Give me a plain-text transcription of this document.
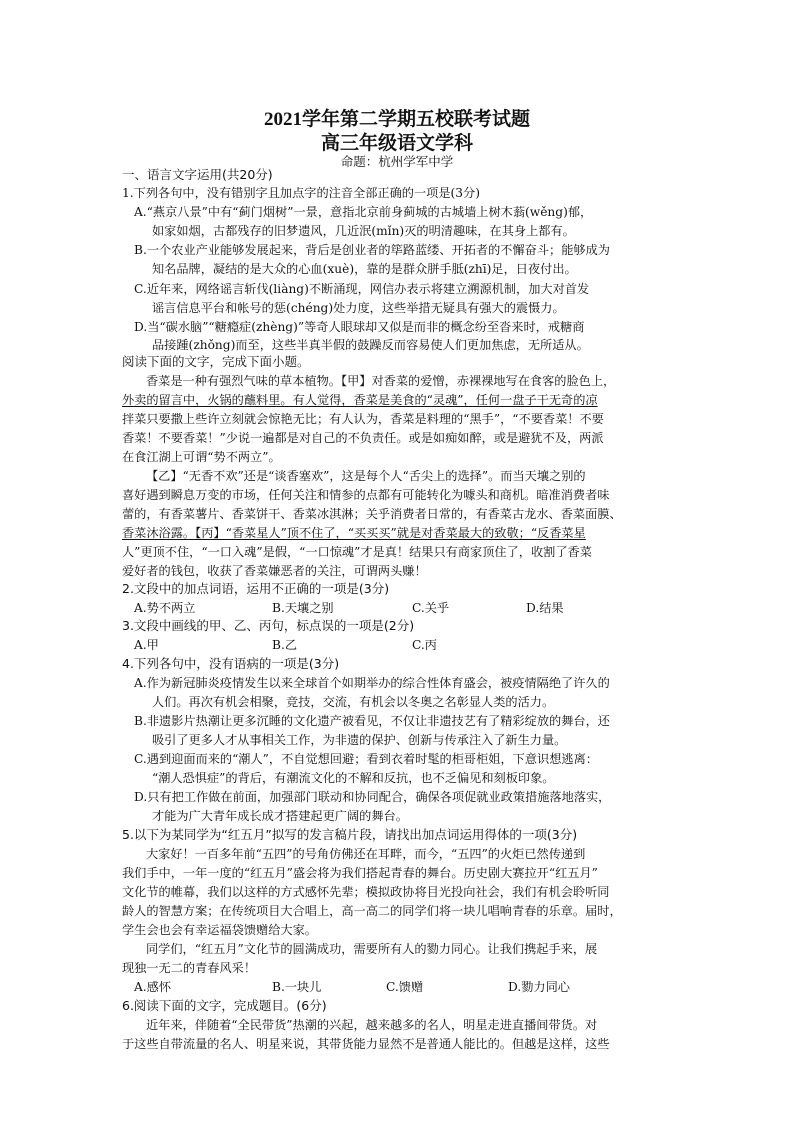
2021学年第二学期五校联考试题
高三年级语文学科
命题：杭州学军中学
一、语言文字运用(共20分)
1.下列各句中，没有错别字且加点字的注音全部正确的一项是(3分)
A.“燕京八景”中有“蓟门烟树”一景，意指北京前身蓟城的古城墙上树木蓊(wěng)郁，
如家如烟，古都残存的旧梦遗风，几近泯(mǐn)灭的明清趣味，在其身上都有。
B.一个农业产业能够发展起来，背后是创业者的筚路蓝缕、开拓者的不懈奋斗；能够成为
知名品牌，凝结的是大众的心血(xuè)，靠的是群众胼手胝(zhī)足，日夜付出。
C.近年来，网络谣言斩伐(liàng)不断涌现，网信办表示将建立溯源机制，加大对首发
谣言信息平台和帐号的惩(chéng)处力度，这些举措无疑具有强大的震慑力。
D.当“碳水脑”“糖瘾症(zhèng)”等奇人眼球却又似是而非的概念纷至沓来时，戒糖商
品接踵(zhǒng)而至，这些半真半假的鼓躁反而容易使人们更加焦虑，无所适从。
阅读下面的文字，完成下面小题。
香菜是一种有强烈气味的草本植物。【甲】对香菜的爱憎，赤裸裸地写在食客的脸色上，
外卖的留言中，火锅的蘸料里。有人觉得，香菜是美食的“灵魂”，任何一盘子干无奇的凉
拌菜只要撒上些许立刻就会惊艳无比；有人认为，香菜是料理的“黑手”，“不要香菜！不要
香菜！不要香菜！”少说一遍都是对自己的不负责任。或是如痴如醉，或是避犹不及，两派
在食江湖上可谓“势不两立”。
【乙】“无香不欢”还是“谈香塞欢”，这是每个人“舌尖上的选择”。而当天壤之别的
喜好遇到瞬息万变的市场，任何关注和情参的点都有可能转化为噱头和商机。暗准消费者味
蕾的，有香菜薯片、香菜饼干、香菜冰淇淋；关乎消费者日常的，有香菜古龙水、香菜面膜、
香菜沐浴露。【丙】“香菜星人”顶不住了，“买买买”就是对香菜最大的致敬；“反香菜星
人”更顶不住，“一口入魂”是假，“一口惊魂”才是真！结果只有商家顶住了，收割了香菜
爱好者的钱包，收获了香菜嫌恶者的关注，可谓两头赚！
2.文段中的加点词语，运用不正确的一项是(3分)
A.势不两立	B.天壤之别	C.关乎	D.结果
3.文段中画线的甲、乙、丙句，标点误的一项是(2分)
A.甲	B.乙	C.丙
4.下列各句中，没有语病的一项是(3分)
A.作为新冠肺炎疫情发生以来全球首个如期举办的综合性体育盛会，被疫情隔绝了许久的
人们。再次有机会相聚，竞技，交流，有机会以冬奥之名彰显人类的活力。
B.非遗影片热潮让更多沉睡的文化遗产被看见，不仅让非遗技艺有了精彩绽放的舞台，还
吸引了更多人才从事相关工作，为非遗的保护、创新与传承注入了新生力量。
C.遇到迎面而来的“潮人”，不自觉想回避；看到衣着时髦的柜哥柜姐，下意识想逃离：
“潮人恐惧症”的背后，有潮流文化的不解和反抗，也不乏偏见和刻板印象。
D.只有把工作做在前面，加强部门联动和协同配合，确保各项促就业政策措施落地落实，
才能为广大青年成长成才搭建起更广阔的舞台。
5.以下为某同学为“红五月”拟写的发言稿片段，请找出加点词运用得体的一项(3分)
大家好！一百多年前“五四”的号角仿佛还在耳畔，而今，“五四”的火炬已然传递到
我们手中，一年一度的“红五月”盛会将为我们搭起青春的舞台。历史剧大赛拉开“红五月”
文化节的帷幕，我们以这样的方式感怀先辈；模拟政协将目光投向社会，我们有机会聆听同
龄人的智慧方案；在传统项目大合唱上，高一高二的同学们将一块儿唱响青春的乐章。届时，
学生会也会有幸运福袋馈赠给大家。
同学们，“红五月”文化节的圆满成功，需要所有人的勠力同心。让我们携起手来，展
现独一无二的青春风采！
A.感怀	B.一块儿	C.馈赠	D.勠力同心
6.阅读下面的文字，完成题目。(6分)
近年来，伴随着“全民带货”热潮的兴起，越来越多的名人，明星走进直播间带货。对
于这些自带流量的名人、明星来说，其带货能力显然不是普通人能比的。但越是这样，这些
